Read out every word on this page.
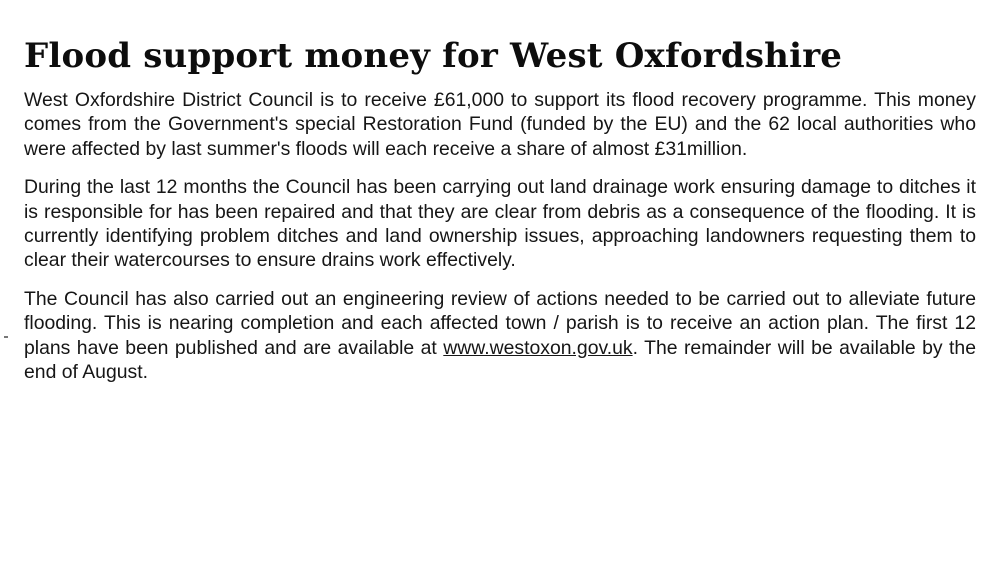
Flood support money for West Oxfordshire

West Oxfordshire District Council is to receive £61,000 to support its flood recovery programme. This money comes from the Government's special Restoration Fund (funded by the EU) and the 62 local authorities who were affected by last summer's floods will each receive a share of almost £31million.

During the last 12 months the Council has been carrying out land drainage work ensuring damage to ditches it is responsible for has been repaired and that they are clear from debris as a consequence of the flooding. It is currently identifying problem ditches and land ownership issues, approaching landowners requesting them to clear their watercourses to ensure drains work effectively.

The Council has also carried out an engineering review of actions needed to be carried out to alleviate future flooding. This is nearing completion and each affected town / parish is to receive an action plan. The first 12 plans have been published and are available at www.westoxon.gov.uk. The remainder will be available by the end of August.
